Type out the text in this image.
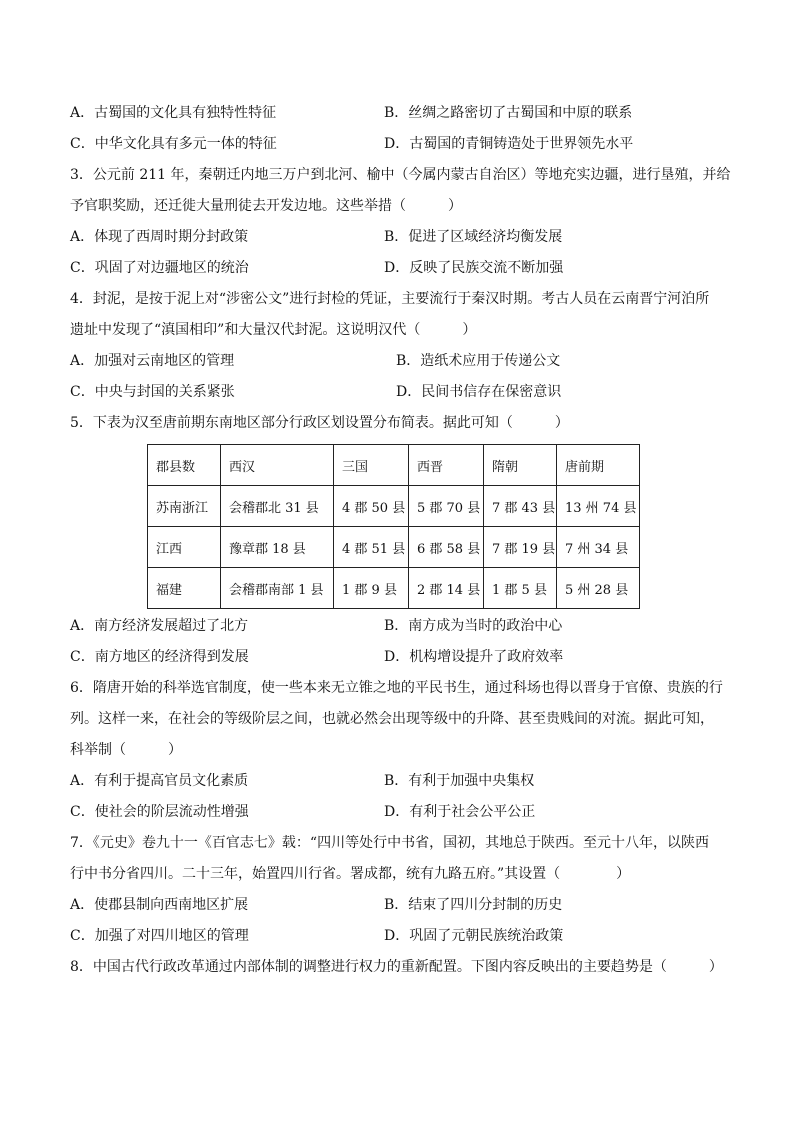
A．古蜀国的文化具有独特性特征	B．丝绸之路密切了古蜀国和中原的联系
C．中华文化具有多元一体的特征	D．古蜀国的青铜铸造处于世界领先水平
3．公元前 211 年，秦朝迁内地三万户到北河、榆中（今属内蒙古自治区）等地充实边疆，进行垦殖，并给
予官职奖励，还迁徙大量刑徒去开发边地。这些举措（　　　）
A．体现了西周时期分封政策	B．促进了区域经济均衡发展
C．巩固了对边疆地区的统治	D．反映了民族交流不断加强
4．封泥，是按于泥上对“涉密公文”进行封检的凭证，主要流行于秦汉时期。考古人员在云南晋宁河泊所
遗址中发现了“滇国相印”和大量汉代封泥。这说明汉代（　　　）
A．加强对云南地区的管理	B．造纸术应用于传递公文
C．中央与封国的关系紧张	D．民间书信存在保密意识
5．下表为汉至唐前期东南地区部分行政区划设置分布简表。据此可知（　　　）
郡县数	西汉	三国	西晋	隋朝	唐前期
苏南浙江	会稽郡北 31 县	4 郡 50 县	5 郡 70 县	7 郡 43 县	13 州 74 县
江西	豫章郡 18 县	4 郡 51 县	6 郡 58 县	7 郡 19 县	7 州 34 县
福建	会稽郡南部 1 县	1 郡 9 县	2 郡 14 县	1 郡 5 县	5 州 28 县
A．南方经济发展超过了北方	B．南方成为当时的政治中心
C．南方地区的经济得到发展	D．机构增设提升了政府效率
6．隋唐开始的科举选官制度，使一些本来无立锥之地的平民书生，通过科场也得以晋身于官僚、贵族的行
列。这样一来，在社会的等级阶层之间，也就必然会出现等级中的升降、甚至贵贱间的对流。据此可知，
科举制（　　　）
A．有利于提高官员文化素质	B．有利于加强中央集权
C．使社会的阶层流动性增强	D．有利于社会公平公正
7．《元史》卷九十一《百官志七》载：“四川等处行中书省，国初，其地总于陕西。至元十八年，以陕西
行中书分省四川。二十三年，始置四川行省。署成都，统有九路五府。”其设置（　　　　）
A．使郡县制向西南地区扩展	B．结束了四川分封制的历史
C．加强了对四川地区的管理	D．巩固了元朝民族统治政策
8．中国古代行政改革通过内部体制的调整进行权力的重新配置。下图内容反映出的主要趋势是（　　　）
